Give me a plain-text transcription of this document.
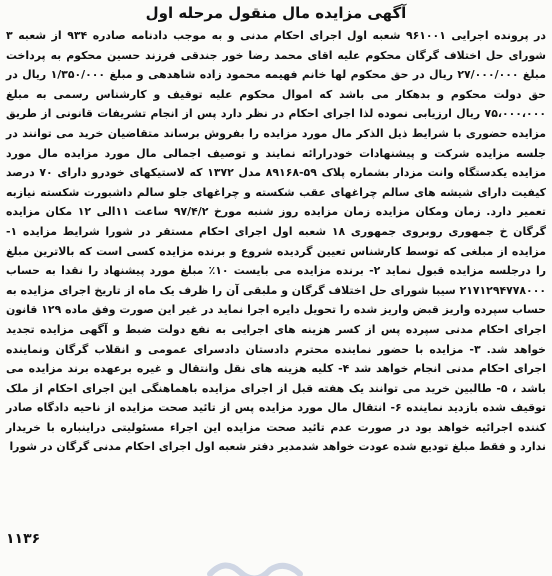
آگهی مزایده مال منقول مرحله اول

در پرونده اجرایی ۹۶۱۰۰۱ شعبه اول اجرای احکام مدنی و به موجب دادنامه صادره ۹۳۴ از شعبه ۳ شورای حل اختلاف گرگان محکوم علیه اقای محمد رضا خور جندقی فرزند حسین محکوم به پرداخت مبلغ ۲۷/۰۰۰/۰۰۰ ریال در حق محکوم لها خانم فهیمه محمود زاده شاهدهی و مبلغ ۱/۳۵۰/۰۰۰ ریال در حق دولت محکوم و بدهکار می باشد که اموال محکوم علیه توقیف و کارشناس رسمی به مبلغ ۷۵،۰۰۰،۰۰۰ ریال ارزیابی نموده لذا اجرای احکام در نظر دارد پس از انجام تشریفات قانونی از طریق مزایده حضوری با شرایط ذیل الذکر مال مورد مزایده را بفروش برساند متقاضیان خرید می توانند در جلسه مزایده شرکت و پیشنهادات خودرارائه نمایند و توصیف اجمالی مال مورد مزایده مال مورد مزایده یکدستگاه وانت مزدار بشماره پلاک ۵۹-۸۹۱۶۸ مدل ۱۳۷۲ که لاستیکهای خودرو دارای ۷۰ درصد کیفیت دارای شیشه های سالم چراغهای عقب شکسته و چراغهای جلو سالم داشبورت شکسته نیازبه تعمیر دارد. زمان ومکان مزایده زمان مزایده روز شنبه مورخ ۹۷/۴/۲ ساعت ۱۱الی ۱۲ مکان مزایده گرگان خ جمهوری روبروی جمهوری ۱۸ شعبه اول اجرای احکام مستقر در شورا شرایط مزایده ۱- مزایده از مبلغی که توسط کارشناس تعیین گردیده شروع و برنده مزایده کسی است که بالاترین مبلغ را درجلسه مزایده قبول نماید ۲- برنده مزایده می بایست ۱۰٪ مبلغ مورد پیشنهاد را نقدا به حساب ۲۱۷۱۲۹۴۷۷۸۰۰۰ سیبا شورای حل اختلاف گرگان و ملبقی آن را ظرف یک ماه از تاریخ اجرای مزایده به حساب سپرده واریز قبض واریز شده را تحویل دایره اجرا نماید در غیر این صورت وفق ماده ۱۲۹ قانون اجرای احکام مدنی سپرده پس از کسر هزینه های اجرایی به نفع دولت ضبط و آگهی مزایده تجدید خواهد شد. ۳- مزایده با حضور نماینده محترم دادستان دادسرای عمومی و انقلاب گرگان ونماینده اجرای احکام مدنی انجام خواهد شد ۴- کلیه هزینه های نقل وانتقال و غیره برعهده برند مزایده می باشد ، ۵- طالبین خرید می توانند یک هفته قبل از اجرای مزایده باهماهنگی این اجرای احکام از ملک توقیف شده بازدید نماینده ۶- انتقال مال مورد مزایده پس از تائید صحت مزایده از ناحیه دادگاه صادر کننده اجرائیه خواهد بود در صورت عدم تائید صحت مزایده این اجراء مسئولیتی دراینباره با خریدار ندارد و فقط مبلغ تودیع شده عودت خواهد شدمدیر دفتر شعبه اول اجرای احکام مدنی گرگان در شورا

۱۱۳۶
